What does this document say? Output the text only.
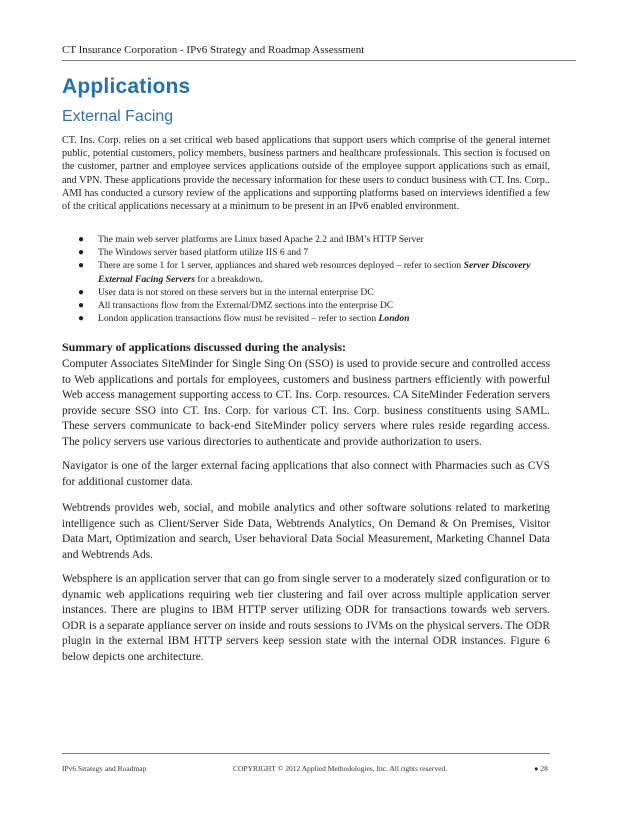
CT Insurance Corporation - IPv6 Strategy and Roadmap Assessment
Applications
External Facing
CT. Ins. Corp. relies on a set critical web based applications that support users which comprise of the general internet public, potential customers, policy members, business partners and healthcare professionals. This section is focused on the customer, partner and employee services applications outside of the employee support applications such as email, and VPN. These applications provide the necessary information for these users to conduct business with CT. Ins. Corp.. AMI has conducted a cursory review of the applications and supporting platforms based on interviews identified a few of the critical applications necessary at a minimum to be present in an IPv6 enabled environment.
● The main web server platforms are Linux based Apache 2.2 and IBM’s HTTP Server
● The Windows server based platform utilize IIS 6 and 7
● There are some 1 for 1 server, appliances and shared web resources deployed – refer to section Server Discovery External Facing Servers for a breakdown.
● User data is not stored on these servers but in the internal enterprise DC
● All transactions flow from the External/DMZ sections into the enterprise DC
● London application transactions flow must be revisited – refer to section London
Summary of applications discussed during the analysis:
Computer Associates SiteMinder for Single Sing On (SSO) is used to provide secure and controlled access to Web applications and portals for employees, customers and business partners efficiently with powerful Web access management supporting access to CT. Ins. Corp. resources. CA SiteMinder Federation servers provide secure SSO into CT. Ins. Corp. for various CT. Ins. Corp. business constituents using SAML. These servers communicate to back-end SiteMinder policy servers where rules reside regarding access. The policy servers use various directories to authenticate and provide authorization to users.
Navigator is one of the larger external facing applications that also connect with Pharmacies such as CVS for additional customer data.
Webtrends provides web, social, and mobile analytics and other software solutions related to marketing intelligence such as Client/Server Side Data, Webtrends Analytics, On Demand & On Premises, Visitor Data Mart, Optimization and search, User behavioral Data Social Measurement, Marketing Channel Data and Webtrends Ads.
Websphere is an application server that can go from single server to a moderately sized configuration or to dynamic web applications requiring web tier clustering and fail over across multiple application server instances. There are plugins to IBM HTTP server utilizing ODR for transactions towards web servers. ODR is a separate appliance server on inside and routs sessions to JVMs on the physical servers. The ODR plugin in the external IBM HTTP servers keep session state with the internal ODR instances. Figure 6 below depicts one architecture.
IPv6 Strategy and Roadmap	COPYRIGHT © 2012 Applied Methodologies, Inc. All rights reserved.	● 28
